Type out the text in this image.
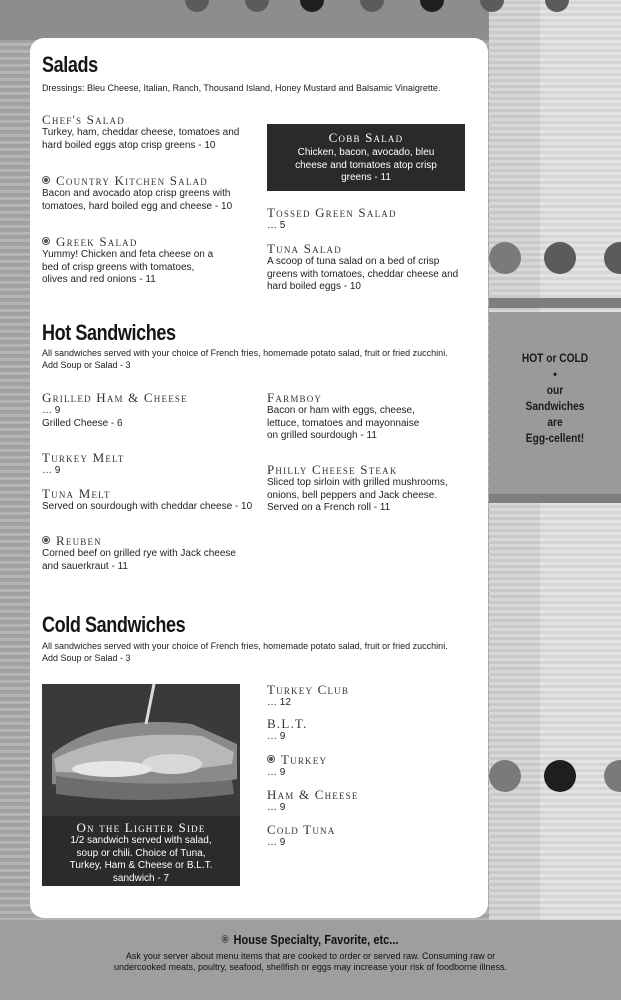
HOT or COLD
•
our
Sandwiches
are
Egg-cellent!
Salads
Dressings: Bleu Cheese, Italian, Ranch, Thousand Island, Honey Mustard and Balsamic Vinaigrette.
Chef's Salad
Turkey, ham, cheddar cheese, tomatoes and hard boiled eggs atop crisp greens - 10
Country Kitchen Salad
Bacon and avocado atop crisp greens with tomatoes, hard boiled egg and cheese - 10
Greek Salad
Yummy! Chicken and feta cheese on a bed of crisp greens with tomatoes, olives and red onions - 11
Cobb Salad
Chicken, bacon, avocado, bleu cheese and tomatoes atop crisp greens - 11
Tossed Green Salad
… 5
Tuna Salad
A scoop of tuna salad on a bed of crisp greens with tomatoes, cheddar cheese and hard boiled eggs - 10
Hot Sandwiches
All sandwiches served with your choice of French fries, homemade potato salad, fruit or fried zucchini. Add Soup or Salad - 3
Grilled Ham & Cheese
… 9
Grilled Cheese - 6
Turkey Melt
… 9
Tuna Melt
Served on sourdough with cheddar cheese - 10
Reuben
Corned beef on grilled rye with Jack cheese and sauerkraut - 11
Farmboy
Bacon or ham with eggs, cheese, lettuce, tomatoes and mayonnaise on grilled sourdough - 11
Philly Cheese Steak
Sliced top sirloin with grilled mushrooms, onions, bell peppers and Jack cheese. Served on a French roll - 11
Cold Sandwiches
All sandwiches served with your choice of French fries, homemade potato salad, fruit or fried zucchini. Add Soup or Salad - 3
On the Lighter Side
1/2 sandwich served with salad, soup or chili. Choice of Tuna, Turkey, Ham & Cheese or B.L.T. sandwich - 7
Turkey Club
… 12
B.L.T.
… 9
Turkey
… 9
Ham & Cheese
… 9
Cold Tuna
… 9
House Specialty, Favorite, etc...
Ask your server about menu items that are cooked to order or served raw. Consuming raw or undercooked meats, poultry, seafood, shellfish or eggs may increase your risk of foodborne illness.
